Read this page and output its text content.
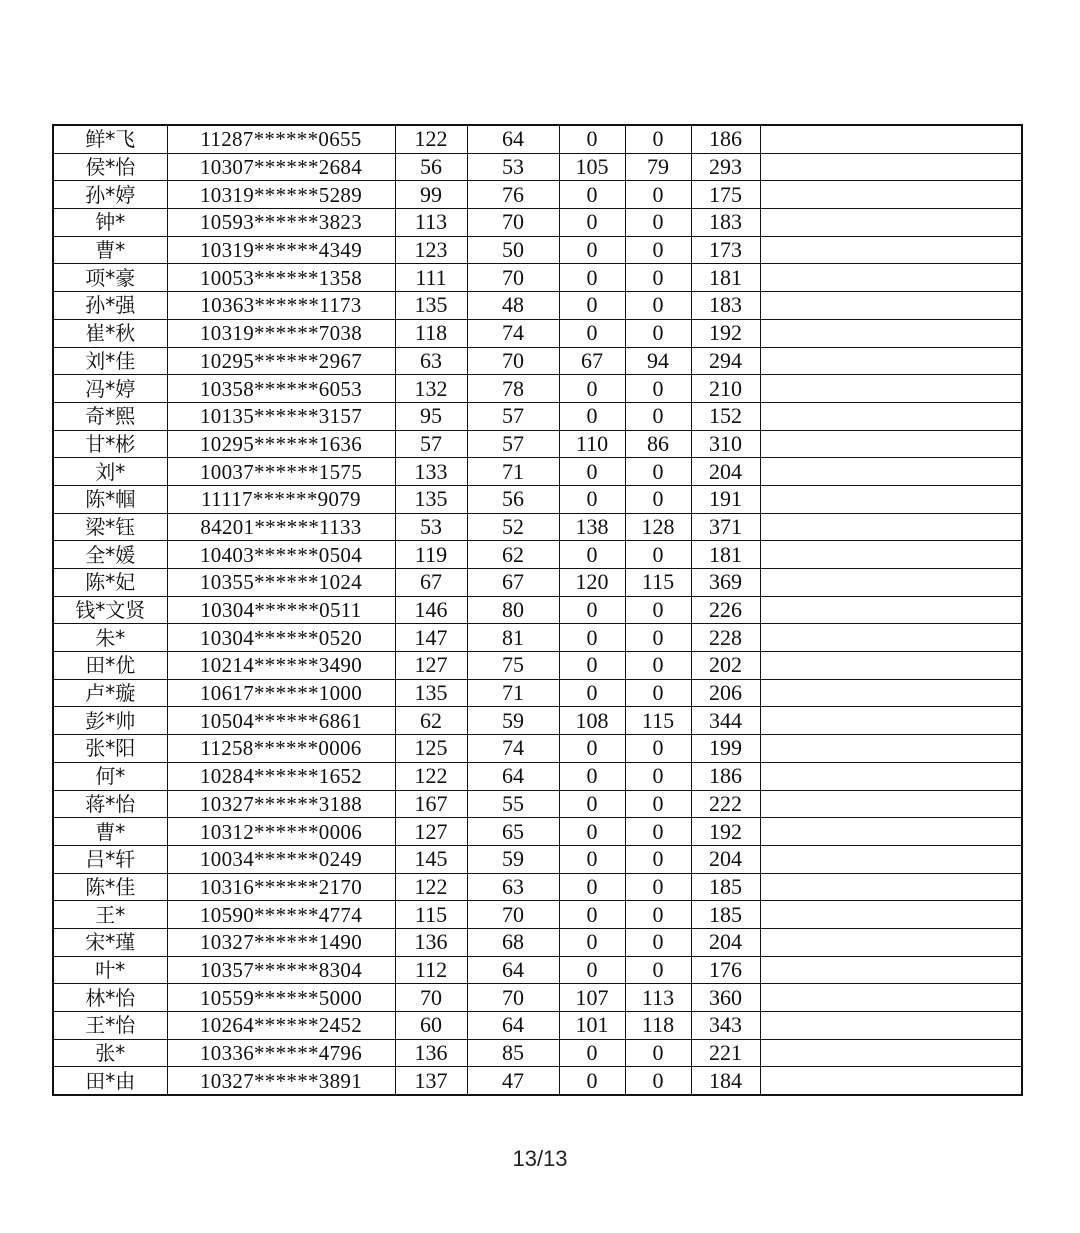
鲜*飞	11287******0655	122	64	0	0	186	
侯*怡	10307******2684	56	53	105	79	293	
孙*婷	10319******5289	99	76	0	0	175	
钟*	10593******3823	113	70	0	0	183	
曹*	10319******4349	123	50	0	0	173	
项*豪	10053******1358	111	70	0	0	181	
孙*强	10363******1173	135	48	0	0	183	
崔*秋	10319******7038	118	74	0	0	192	
刘*佳	10295******2967	63	70	67	94	294	
冯*婷	10358******6053	132	78	0	0	210	
奇*熙	10135******3157	95	57	0	0	152	
甘*彬	10295******1636	57	57	110	86	310	
刘*	10037******1575	133	71	0	0	204	
陈*帼	11117******9079	135	56	0	0	191	
梁*钰	84201******1133	53	52	138	128	371	
全*媛	10403******0504	119	62	0	0	181	
陈*妃	10355******1024	67	67	120	115	369	
钱*文贤	10304******0511	146	80	0	0	226	
朱*	10304******0520	147	81	0	0	228	
田*优	10214******3490	127	75	0	0	202	
卢*璇	10617******1000	135	71	0	0	206	
彭*帅	10504******6861	62	59	108	115	344	
张*阳	11258******0006	125	74	0	0	199	
何*	10284******1652	122	64	0	0	186	
蒋*怡	10327******3188	167	55	0	0	222	
曹*	10312******0006	127	65	0	0	192	
吕*轩	10034******0249	145	59	0	0	204	
陈*佳	10316******2170	122	63	0	0	185	
王*	10590******4774	115	70	0	0	185	
宋*瑾	10327******1490	136	68	0	0	204	
叶*	10357******8304	112	64	0	0	176	
林*怡	10559******5000	70	70	107	113	360	
王*怡	10264******2452	60	64	101	118	343	
张*	10336******4796	136	85	0	0	221	
田*由	10327******3891	137	47	0	0	184	
13/13
